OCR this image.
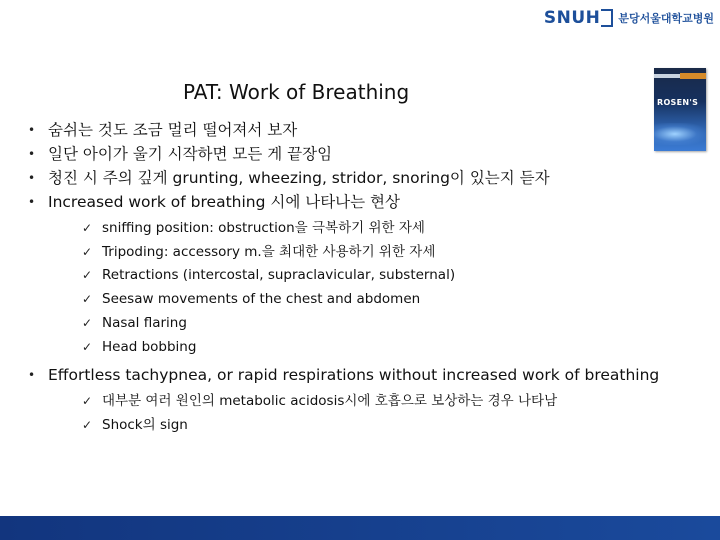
SNUH 분당서울대학교병원
PAT: Work of Breathing	ROSEN'S
• 숨쉬는 것도 조금 멀리 떨어져서 보자
• 일단 아이가 울기 시작하면 모든 게 끝장임
• 청진 시 주의 깊게 grunting, wheezing, stridor, snoring이 있는지 듣자
• Increased work of breathing 시에 나타나는 현상
✓ sniffing position: obstruction을 극복하기 위한 자세
✓ Tripoding: accessory m.을 최대한 사용하기 위한 자세
✓ Retractions (intercostal, supraclavicular, substernal)
✓ Seesaw movements of the chest and abdomen
✓ Nasal flaring
✓ Head bobbing
• Effortless tachypnea, or rapid respirations without increased work of breathing
✓ 대부분 여러 원인의 metabolic acidosis시에 호흡으로 보상하는 경우 나타남
✓ Shock의 sign
